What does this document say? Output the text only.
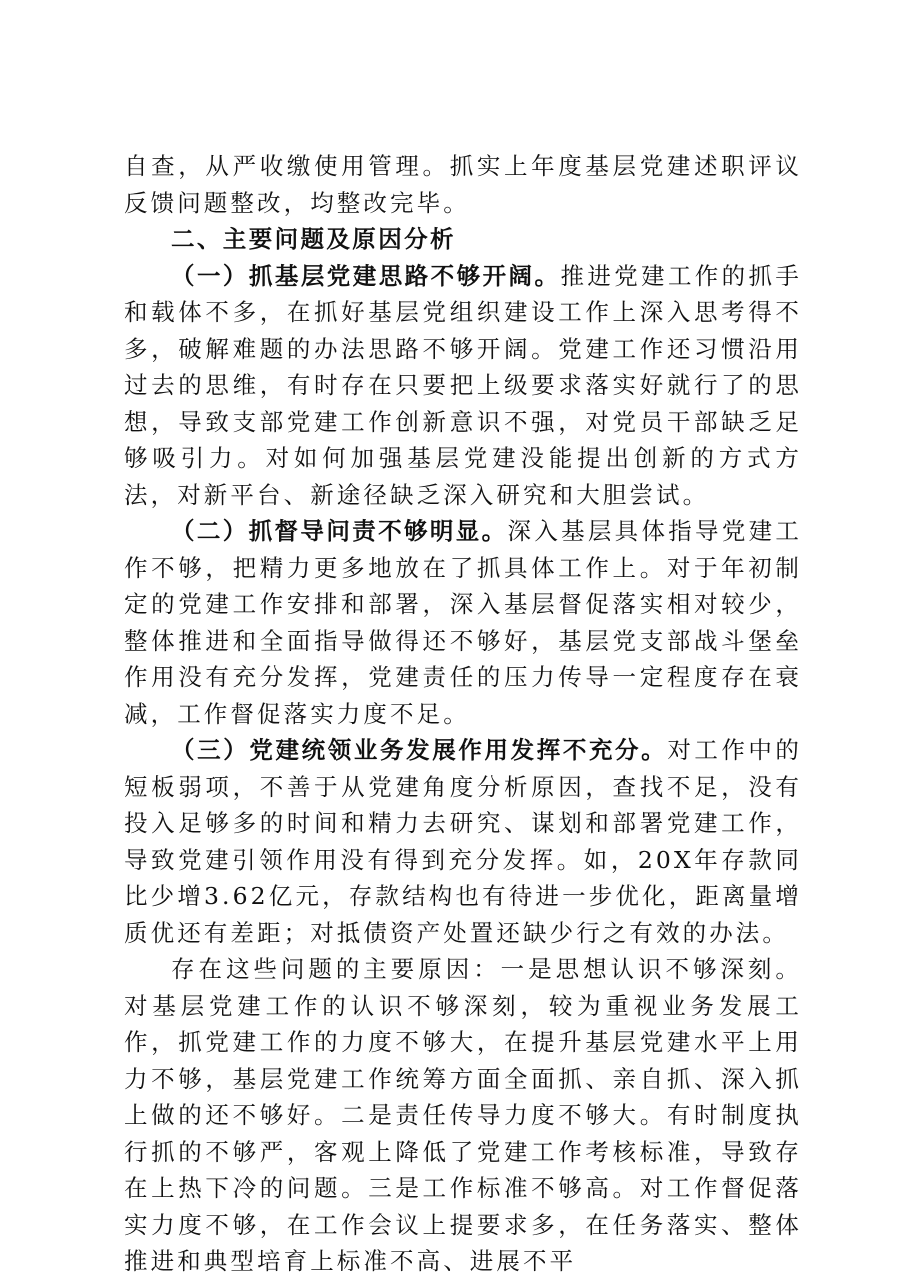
自查，从严收缴使用管理。抓实上年度基层党建述职评议反馈问题整改，均整改完毕。

二、主要问题及原因分析

（一）抓基层党建思路不够开阔。推进党建工作的抓手和载体不多，在抓好基层党组织建设工作上深入思考得不多，破解难题的办法思路不够开阔。党建工作还习惯沿用过去的思维，有时存在只要把上级要求落实好就行了的思想，导致支部党建工作创新意识不强，对党员干部缺乏足够吸引力。对如何加强基层党建没能提出创新的方式方法，对新平台、新途径缺乏深入研究和大胆尝试。

（二）抓督导问责不够明显。深入基层具体指导党建工作不够，把精力更多地放在了抓具体工作上。对于年初制定的党建工作安排和部署，深入基层督促落实相对较少，整体推进和全面指导做得还不够好，基层党支部战斗堡垒作用没有充分发挥，党建责任的压力传导一定程度存在衰减，工作督促落实力度不足。

（三）党建统领业务发展作用发挥不充分。对工作中的短板弱项，不善于从党建角度分析原因，查找不足，没有投入足够多的时间和精力去研究、谋划和部署党建工作，导致党建引领作用没有得到充分发挥。如，20X年存款同比少增3.62亿元，存款结构也有待进一步优化，距离量增质优还有差距；对抵债资产处置还缺少行之有效的办法。

存在这些问题的主要原因：一是思想认识不够深刻。对基层党建工作的认识不够深刻，较为重视业务发展工作，抓党建工作的力度不够大，在提升基层党建水平上用力不够，基层党建工作统筹方面全面抓、亲自抓、深入抓上做的还不够好。二是责任传导力度不够大。有时制度执行抓的不够严，客观上降低了党建工作考核标准，导致存在上热下冷的问题。三是工作标准不够高。对工作督促落实力度不够，在工作会议上提要求多，在任务落实、整体推进和典型培育上标准不高、进展不平
